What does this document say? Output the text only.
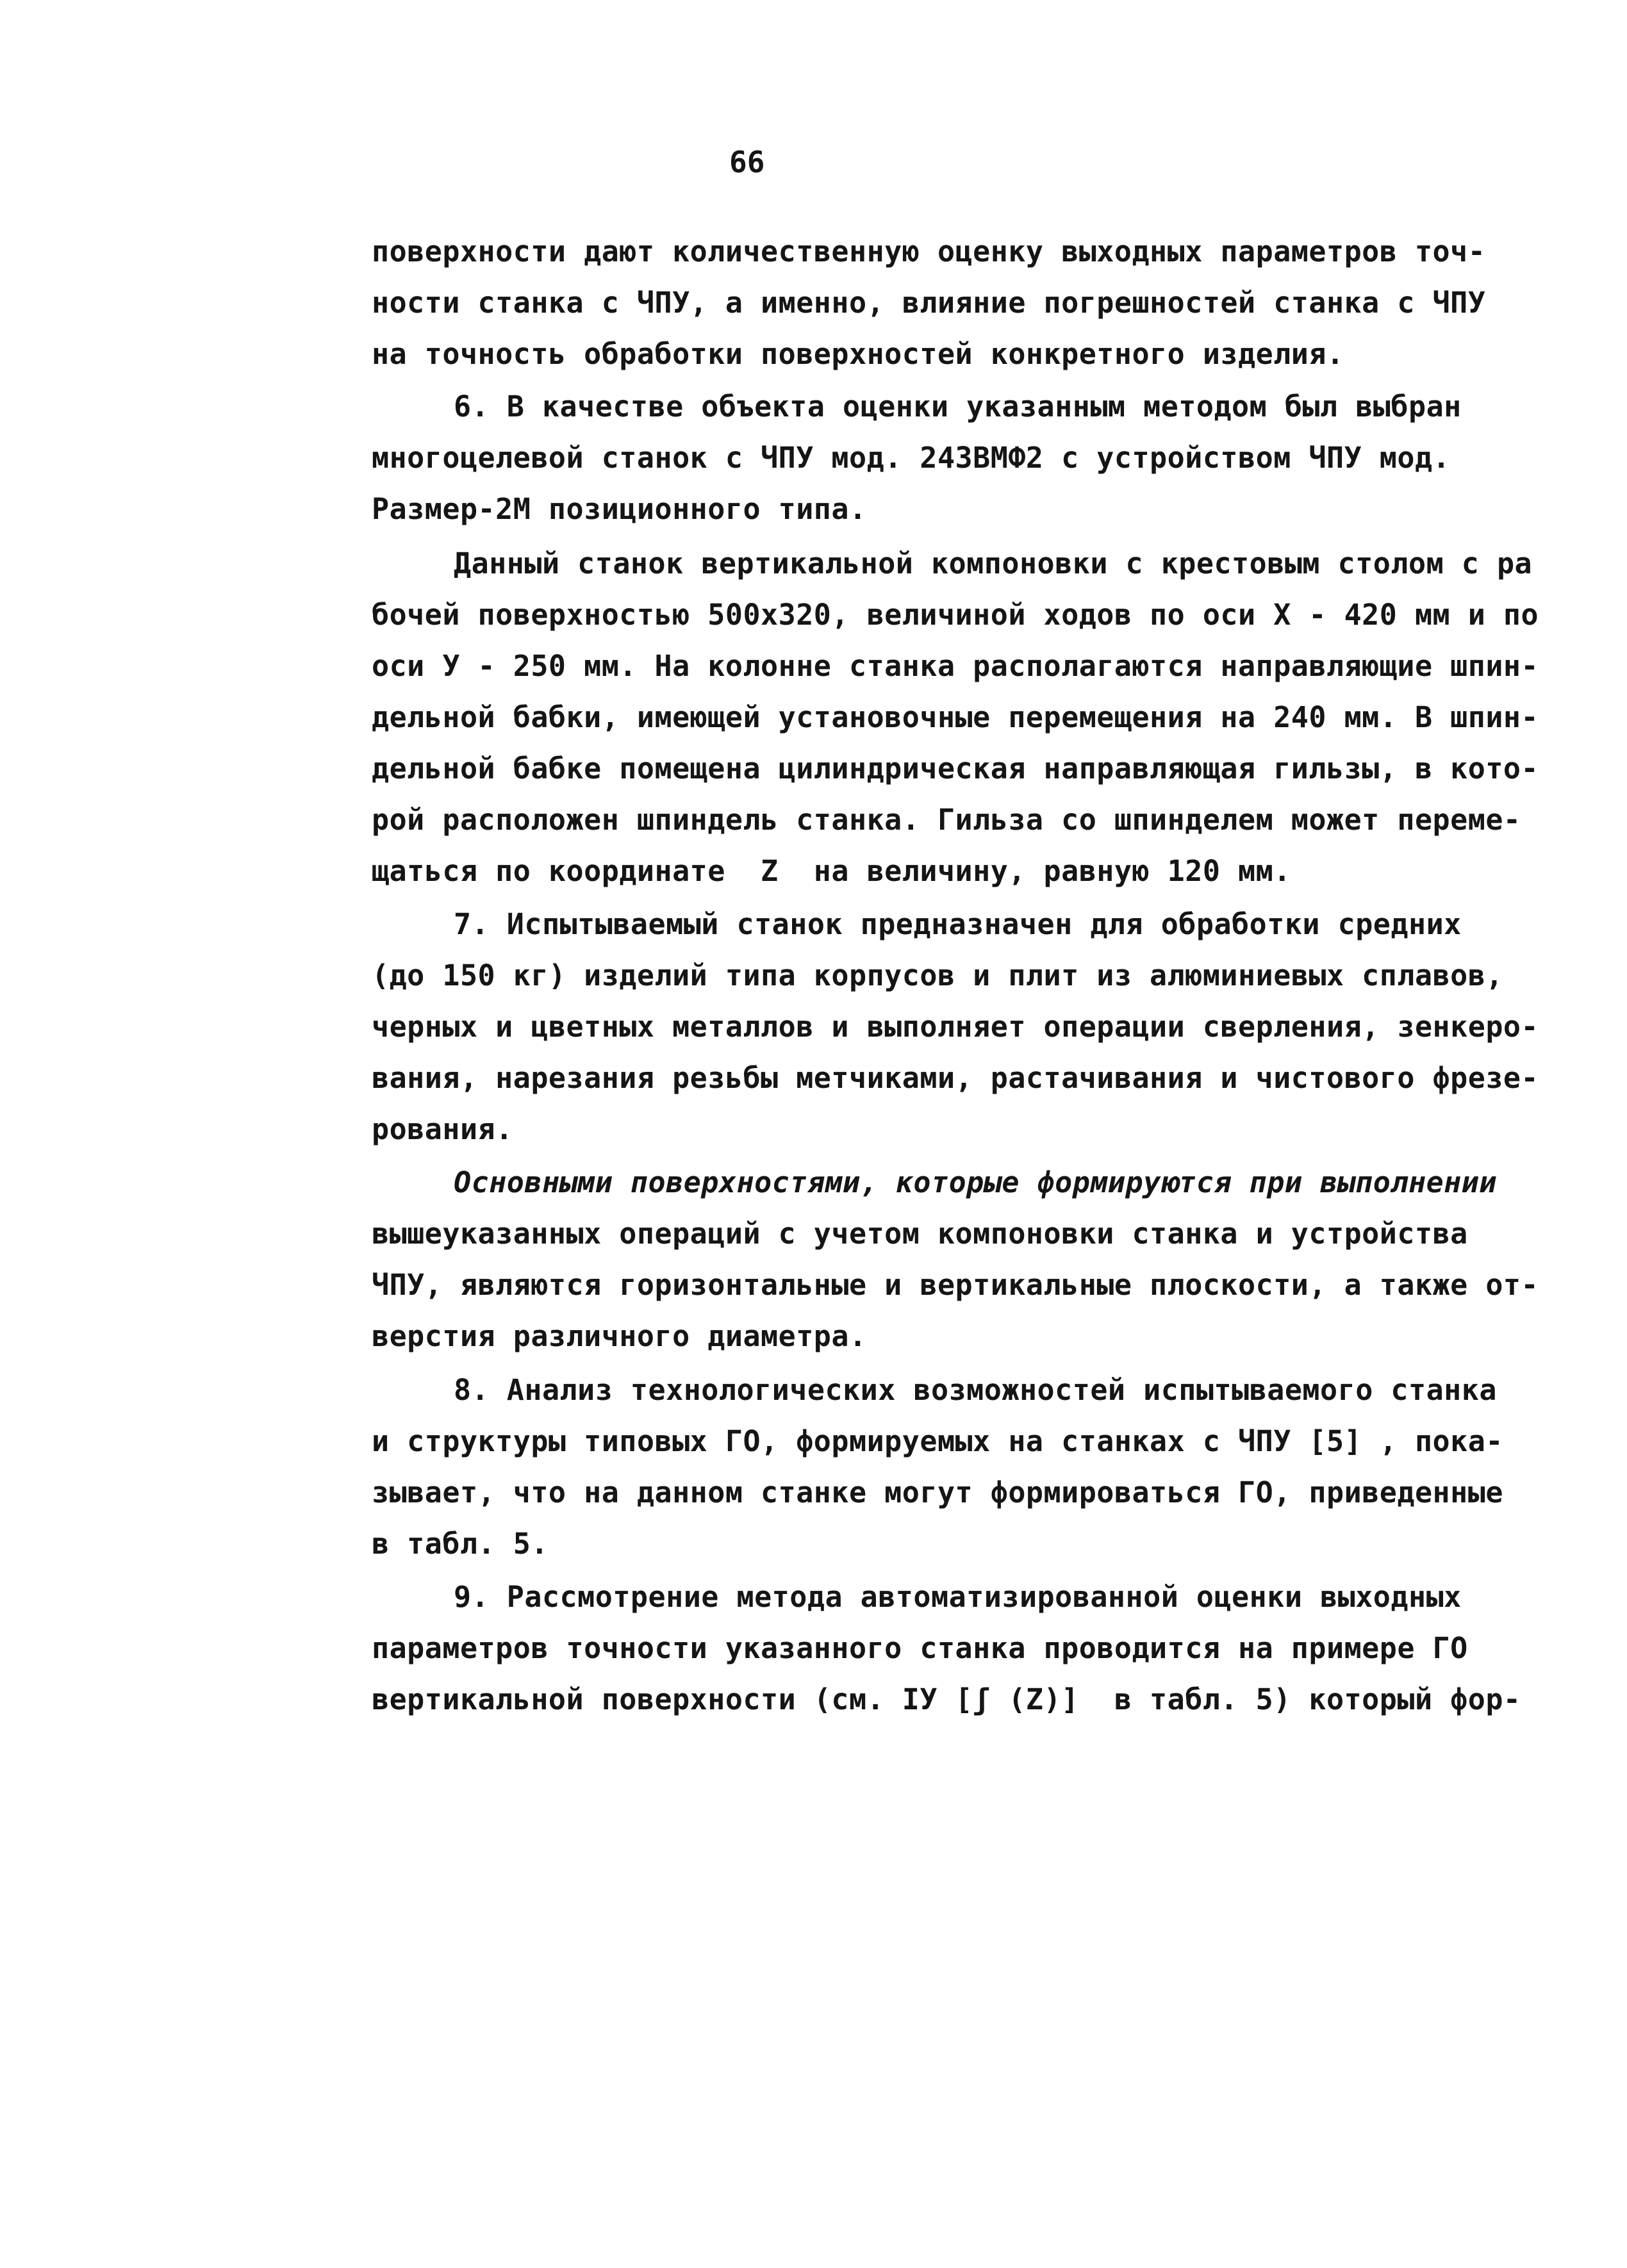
66
поверхности дают количественную оценку выходных параметров точ-
ности станка с ЧПУ, а именно, влияние погрешностей станка с ЧПУ
на точность обработки поверхностей конкретного изделия.
6. В качестве объекта оценки указанным методом был выбран
многоцелевой станок с ЧПУ мод. 243ВМФ2 с устройством ЧПУ мод.
Размер-2М позиционного типа.
Данный станок вертикальной компоновки с крестовым столом с ра
бочей поверхностью 500x320, величиной ходов по оси X - 420 мм и по
оси У - 250 мм. На колонне станка располагаются направляющие шпин-
дельной бабки, имеющей установочные перемещения на 240 мм. В шпин-
дельной бабке помещена цилиндрическая направляющая гильзы, в кото-
рой расположен шпиндель станка. Гильза со шпинделем может переме-
щаться по координате  Z  на величину, равную 120 мм.
7. Испытываемый станок предназначен для обработки средних
(до 150 кг) изделий типа корпусов и плит из алюминиевых сплавов,
черных и цветных металлов и выполняет операции сверления, зенкеро-
вания, нарезания резьбы метчиками, растачивания и чистового фрезе-
рования.
Основными поверхностями, которые формируются при выполнении
вышеуказанных операций с учетом компоновки станка и устройства
ЧПУ, являются горизонтальные и вертикальные плоскости, а также от-
верстия различного диаметра.
8. Анализ технологических возможностей испытываемого станка
и структуры типовых ГО, формируемых на станках с ЧПУ [5] , пока-
зывает, что на данном станке могут формироваться ГО, приведенные
в табл. 5.
9. Рассмотрение метода автоматизированной оценки выходных
параметров точности указанного станка проводится на примере ГО
вертикальной поверхности (см. IУ [ʃ (Z)]  в табл. 5) который фор-
